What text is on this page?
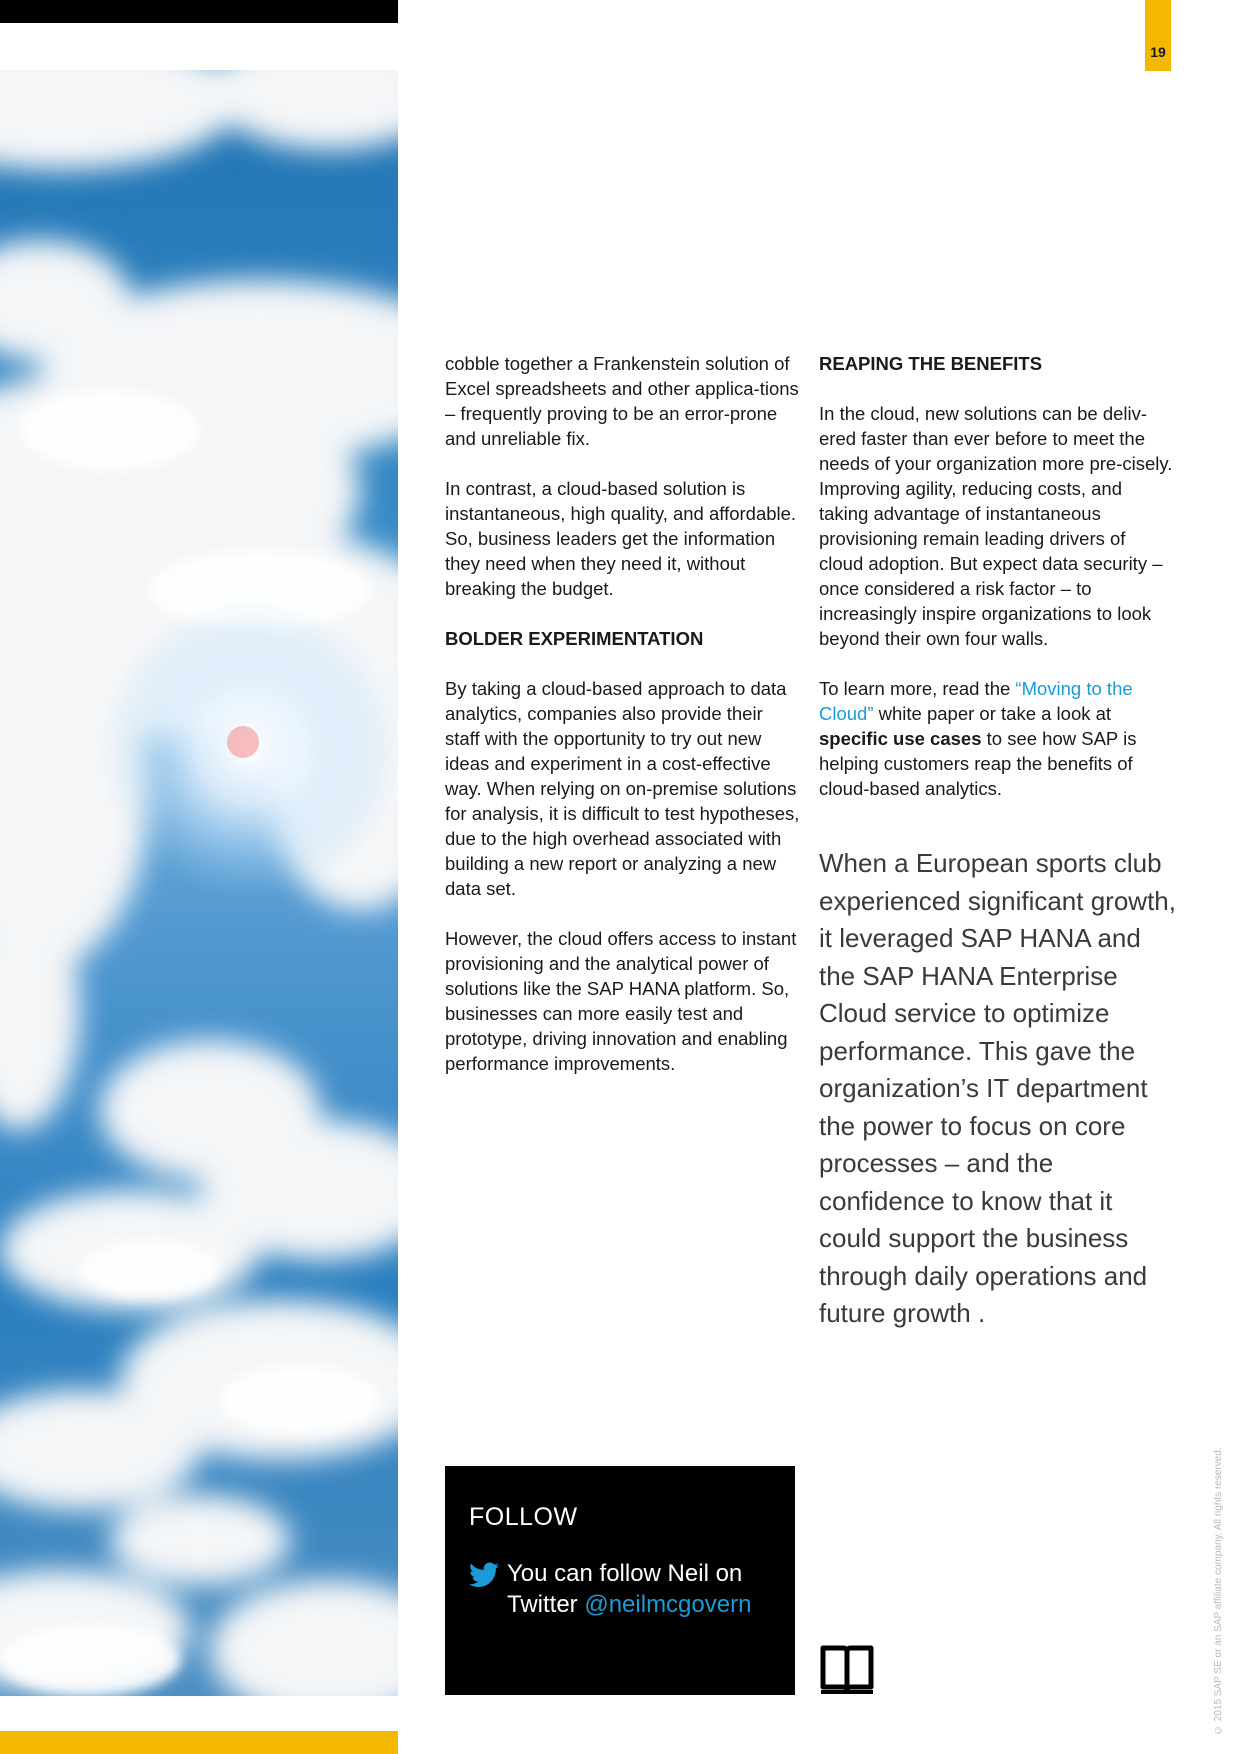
19

cobble together a Frankenstein solution of Excel spreadsheets and other applica-tions – frequently proving to be an error-prone and unreliable fix.

In contrast, a cloud-based solution is instantaneous, high quality, and affordable. So, business leaders get the information they need when they need it, without breaking the budget.

BOLDER EXPERIMENTATION

By taking a cloud-based approach to data analytics, companies also provide their staff with the opportunity to try out new ideas and experiment in a cost-effective way. When relying on on-premise solutions for analysis, it is difficult to test hypotheses, due to the high overhead associated with building a new report or analyzing a new data set.

However, the cloud offers access to instant provisioning and the analytical power of solutions like the SAP HANA platform. So, businesses can more easily test and prototype, driving innovation and enabling performance improvements.

REAPING THE BENEFITS

In the cloud, new solutions can be deliv-ered faster than ever before to meet the needs of your organization more pre-cisely. Improving agility, reducing costs, and taking advantage of instantaneous provisioning remain leading drivers of cloud adoption. But expect data security – once considered a risk factor – to increasingly inspire organizations to look beyond their own four walls.

To learn more, read the “Moving to the Cloud” white paper or take a look at specific use cases to see how SAP is helping customers reap the benefits of cloud-based analytics.

When a European sports club experienced significant growth, it leveraged SAP HANA and the SAP HANA Enterprise Cloud service to optimize performance. This gave the organization’s IT department the power to focus on core processes – and the confidence to know that it could support the business through daily operations and future growth .
FOLLOW
You can follow Neil on Twitter @neilmcgovern	© 2015 SAP SE or an SAP affiliate company. All rights reserved.
